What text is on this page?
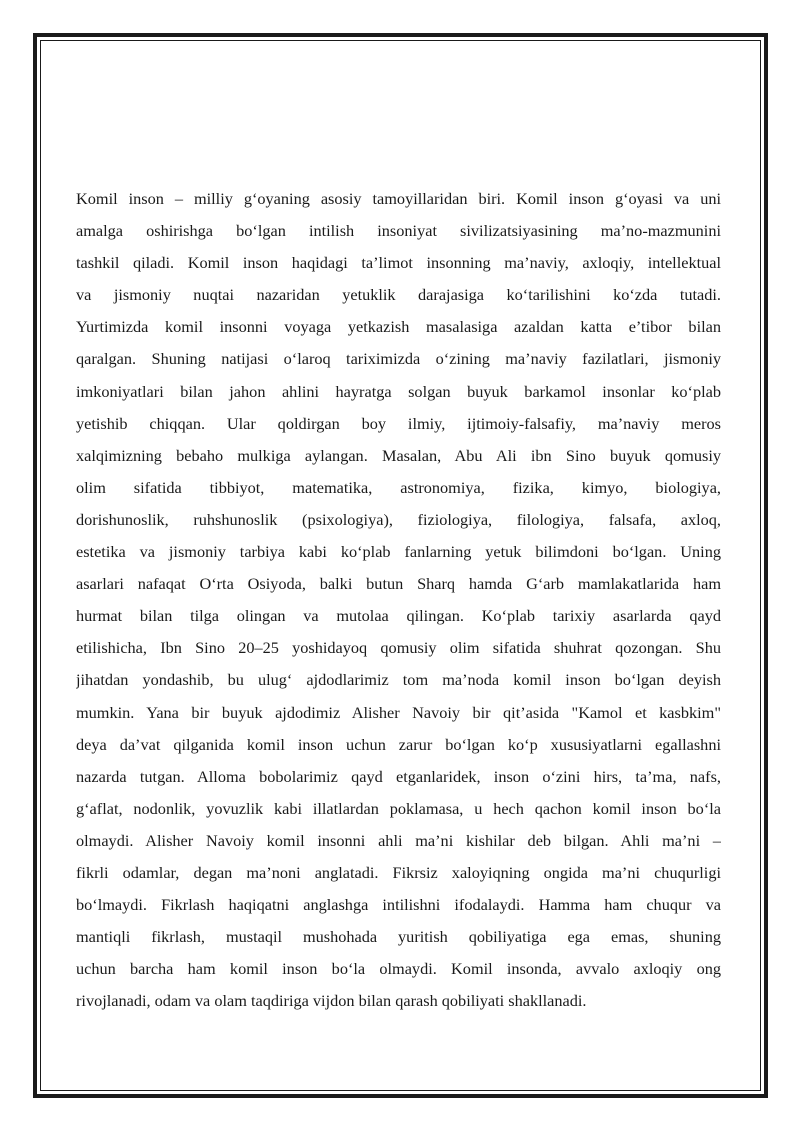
Komil inson – milliy g‘oyaning asosiy tamoyillaridan biri. Komil inson g‘oyasi va uni
amalga oshirishga bo‘lgan intilish insoniyat sivilizatsiyasining ma’no-mazmunini
tashkil qiladi. Komil inson haqidagi ta’limot insonning ma’naviy, axloqiy, intellektual
va jismoniy nuqtai nazaridan yetuklik darajasiga ko‘tarilishini ko‘zda tutadi.
Yurtimizda komil insonni voyaga yetkazish masalasiga azaldan katta e’tibor bilan
qaralgan. Shuning natijasi o‘laroq tariximizda o‘zining ma’naviy fazilatlari, jismoniy
imkoniyatlari bilan jahon ahlini hayratga solgan buyuk barkamol insonlar ko‘plab
yetishib chiqqan. Ular qoldirgan boy ilmiy, ijtimoiy-falsafiy, ma’naviy meros
xalqimizning bebaho mulkiga aylangan. Masalan, Abu Ali ibn Sino buyuk qomusiy
olim sifatida tibbiyot, matematika, astronomiya, fizika, kimyo, biologiya,
dorishunoslik, ruhshunoslik (psixologiya), fiziologiya, filologiya, falsafa, axloq,
estetika va jismoniy tarbiya kabi ko‘plab fanlarning yetuk bilimdoni bo‘lgan. Uning
asarlari nafaqat O‘rta Osiyoda, balki butun Sharq hamda G‘arb mamlakatlarida ham
hurmat bilan tilga olingan va mutolaa qilingan. Ko‘plab tarixiy asarlarda qayd
etilishicha, Ibn Sino 20–25 yoshidayoq qomusiy olim sifatida shuhrat qozongan. Shu
jihatdan yondashib, bu ulug‘ ajdodlarimiz tom ma’noda komil inson bo‘lgan deyish
mumkin. Yana bir buyuk ajdodimiz Alisher Navoiy bir qit’asida "Kamol et kasbkim"
deya da’vat qilganida komil inson uchun zarur bo‘lgan ko‘p xususiyatlarni egallashni
nazarda tutgan. Alloma bobolarimiz qayd etganlaridek, inson o‘zini hirs, ta’ma, nafs,
g‘aflat, nodonlik, yovuzlik kabi illatlardan poklamasa, u hech qachon komil inson bo‘la
olmaydi. Alisher Navoiy komil insonni ahli ma’ni kishilar deb bilgan. Ahli ma’ni –
fikrli odamlar, degan ma’noni anglatadi. Fikrsiz xaloyiqning ongida ma’ni chuqurligi
bo‘lmaydi. Fikrlash haqiqatni anglashga intilishni ifodalaydi. Hamma ham chuqur va
mantiqli fikrlash, mustaqil mushohada yuritish qobiliyatiga ega emas, shuning
uchun barcha ham komil inson bo‘la olmaydi. Komil insonda, avvalo axloqiy ong
rivojlanadi, odam va olam taqdiriga vijdon bilan qarash qobiliyati shakllanadi.
